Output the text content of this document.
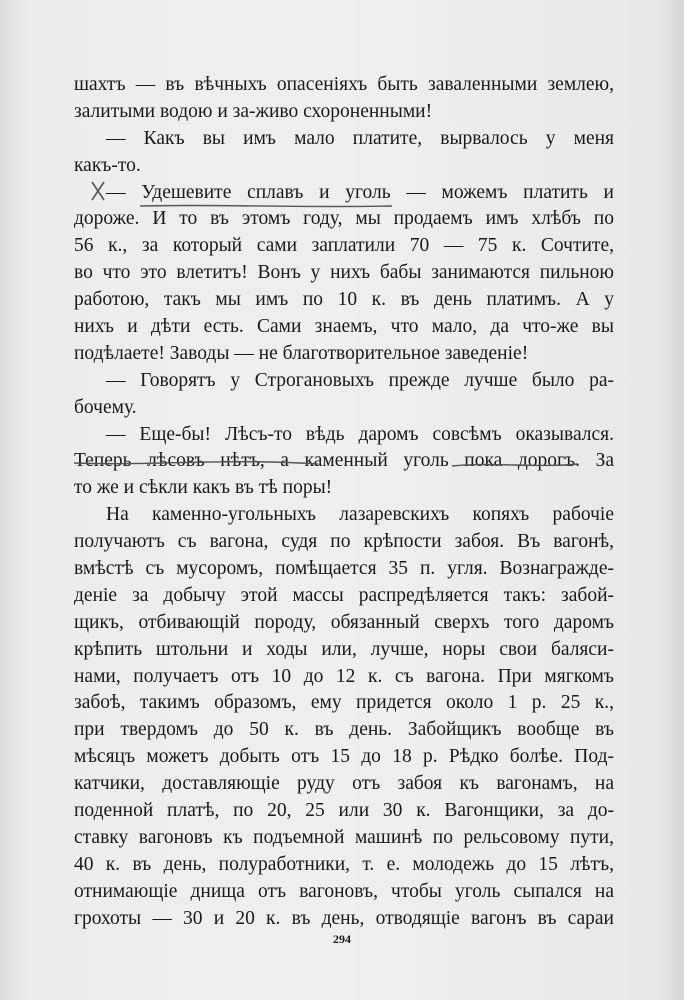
шахтъ — въ вѣчныхъ опасеніяхъ быть заваленными землею,
залитыми водою и за-живо схороненными!
— Какъ вы имъ мало платите, вырвалось у меня
какъ-то.
— Удешевите сплавъ и уголь — можемъ платить и
дороже. И то въ этомъ году, мы продаемъ имъ хлѣбъ по
56 к., за который сами заплатили 70 — 75 к. Сочтите,
во что это влетитъ! Вонъ у нихъ бабы занимаются пильною
работою, такъ мы имъ по 10 к. въ день платимъ. А у
нихъ и дѣти есть. Сами знаемъ, что мало, да что-же вы
подѣлаете! Заводы — не благотворительное заведеніе!
— Говорятъ у Строгановыхъ прежде лучше было ра-
бочему.
— Еще-бы! Лѣсъ-то вѣдь даромъ совсѣмъ оказывался.
Теперь лѣсовъ нѣтъ, а каменный уголь пока дорогъ. За
то же и сѣкли какъ въ тѣ поры!
На каменно-угольныхъ лазаревскихъ копяхъ рабочіе
получаютъ съ вагона, судя по крѣпости забоя. Въ вагонѣ,
вмѣстѣ съ мусоромъ, помѣщается 35 п. угля. Вознагражде-
деніе за добычу этой массы распредѣляется такъ: забой-
щикъ, отбивающій породу, обязанный сверхъ того даромъ
крѣпить штольни и ходы или, лучше, норы свои баляси-
нами, получаетъ отъ 10 до 12 к. съ вагона. При мягкомъ
забоѣ, такимъ образомъ, ему придется около 1 р. 25 к.,
при твердомъ до 50 к. въ день. Забойщикъ вообще въ
мѣсяцъ можетъ добыть отъ 15 до 18 р. Рѣдко болѣе. Под-
катчики, доставляющіе руду отъ забоя къ вагонамъ, на
поденной платѣ, по 20, 25 или 30 к. Вагонщики, за до-
ставку вагоновъ къ подъемной машинѣ по рельсовому пути,
40 к. въ день, полуработники, т. е. молодежь до 15 лѣтъ,
отнимающіе днища отъ вагоновъ, чтобы уголь сыпался на
грохоты — 30 и 20 к. въ день, отводящіе вагонъ въ сараи
294
